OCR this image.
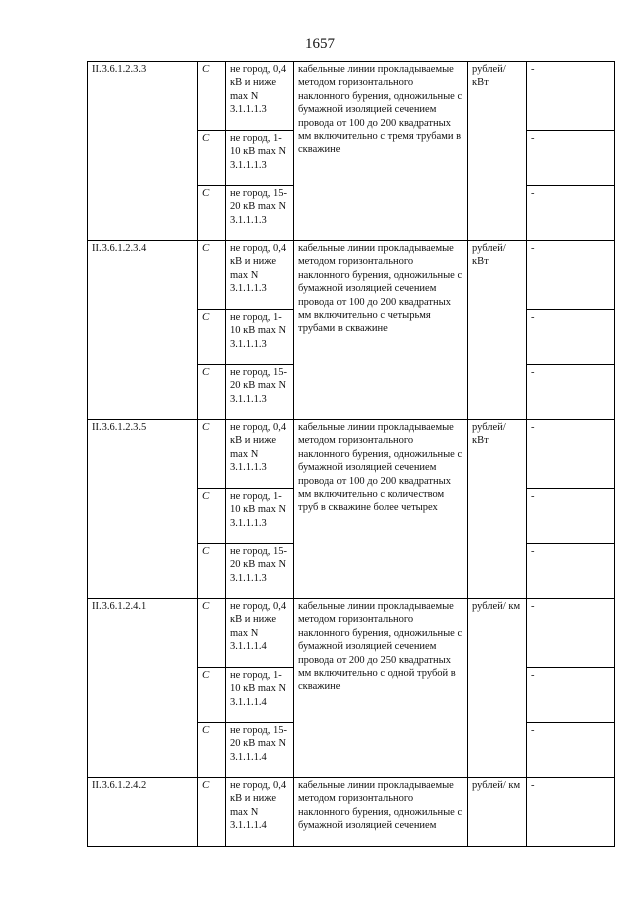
1657
II.3.6.1.2.3.3	C	не город, 0,4 кВ и ниже max N 3.1.1.1.3	кабельные линии прокладываемые методом горизонтального наклонного бурения, одножильные с бумажной изоляцией сечением провода от 100 до 200 квадратных мм включительно с тремя трубами в скважине	рублей/ кВт	-
	C	не город, 1-10 кВ max N 3.1.1.1.3			-
	C	не город, 15-20 кВ max N 3.1.1.1.3			-
II.3.6.1.2.3.4	C	не город, 0,4 кВ и ниже max N 3.1.1.1.3	кабельные линии прокладываемые методом горизонтального наклонного бурения, одножильные с бумажной изоляцией сечением провода от 100 до 200 квадратных мм включительно с четырьмя трубами в скважине	рублей/ кВт	-
	C	не город, 1-10 кВ max N 3.1.1.1.3			-
	C	не город, 15-20 кВ max N 3.1.1.1.3			-
II.3.6.1.2.3.5	C	не город, 0,4 кВ и ниже max N 3.1.1.1.3	кабельные линии прокладываемые методом горизонтального наклонного бурения, одножильные с бумажной изоляцией сечением провода от 100 до 200 квадратных мм включительно с количеством труб в скважине более четырех	рублей/ кВт	-
	C	не город, 1-10 кВ max N 3.1.1.1.3			-
	C	не город, 15-20 кВ max N 3.1.1.1.3			-
II.3.6.1.2.4.1	C	не город, 0,4 кВ и ниже max N 3.1.1.1.4	кабельные линии прокладываемые методом горизонтального наклонного бурения, одножильные с бумажной изоляцией сечением провода от 200 до 250 квадратных мм включительно с одной трубой в скважине	рублей/ км	-
	C	не город, 1-10 кВ max N 3.1.1.1.4			-
	C	не город, 15-20 кВ max N 3.1.1.1.4			-
II.3.6.1.2.4.2	C	не город, 0,4 кВ и ниже max N 3.1.1.1.4	кабельные линии прокладываемые методом горизонтального наклонного бурения, одножильные с бумажной изоляцией сечением	рублей/ км	-
